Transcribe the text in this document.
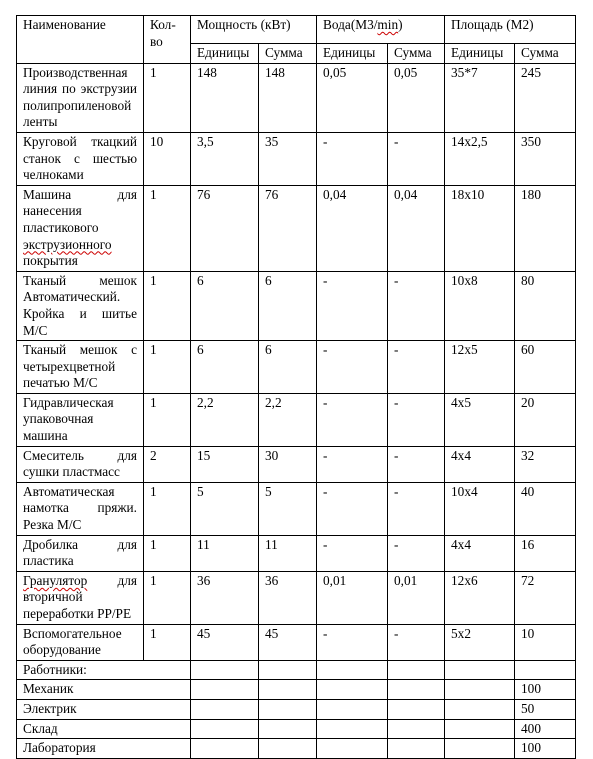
Наименование	Кол-во	Мощность (кВт)		Вода(М3/min)		Площадь (М2)	
		Единицы	Сумма	Единицы	Сумма	Единицы	Сумма
Производственная линия по экструзии полипропиленовой ленты	1	148	148	0,05	0,05	35*7	245
Круговой ткацкий станок с шестью челноками	10	3,5	35	-	-	14х2,5	350
Машина для нанесения пластикового экструзионного покрытия	1	76	76	0,04	0,04	18х10	180
Тканый мешок Автоматический. Кройка и шитье M/C	1	6	6	-	-	10х8	80
Тканый мешок с четырехцветной печатью M/C	1	6	6	-	-	12х5	60
Гидравлическая упаковочная машина	1	2,2	2,2	-	-	4х5	20
Смеситель для сушки пластмасс	2	15	30	-	-	4х4	32
Автоматическая намотка пряжи. Резка M/C	1	5	5	-	-	10х4	40
Дробилка для пластика	1	11	11	-	-	4х4	16
Гранулятор для вторичной переработки PP/PE	1	36	36	0,01	0,01	12х6	72
Вспомогательное оборудование	1	45	45	-	-	5х2	10
Работники:							
Механик							100
Электрик							50
Склад							400
Лаборатория							100
